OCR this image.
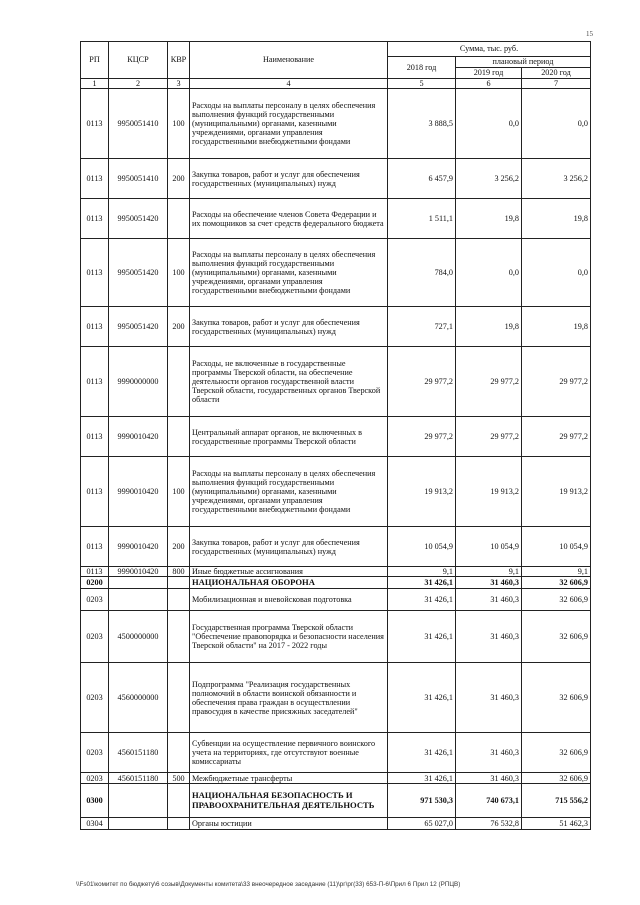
15
РП	КЦСР	КВР	Наименование	Сумма, тыс. руб.		
				2018 год	плановый период	
					2019 год	2020 год
1	2	3	4	5	6	7
0113	9950051410	100	Расходы на выплаты персоналу в целях обеспечения выполнения функций государственными (муниципальными) органами, казенными учреждениями, органами управления государственными внебюджетными фондами	3 888,5	0,0	0,0
0113	9950051410	200	Закупка товаров, работ и услуг для обеспечения государственных (муниципальных) нужд	6 457,9	3 256,2	3 256,2
0113	9950051420		Расходы на обеспечение членов Совета Федерации и их помощников за счет средств федерального бюджета	1 511,1	19,8	19,8
0113	9950051420	100	Расходы на выплаты персоналу в целях обеспечения выполнения функций государственными (муниципальными) органами, казенными учреждениями, органами управления государственными внебюджетными фондами	784,0	0,0	0,0
0113	9950051420	200	Закупка товаров, работ и услуг для обеспечения государственных (муниципальных) нужд	727,1	19,8	19,8
0113	9990000000		Расходы, не включенные в государственные программы Тверской области, на обеспечение деятельности органов государственной власти Тверской области, государственных органов Тверской области	29 977,2	29 977,2	29 977,2
0113	9990010420		Центральный аппарат органов, не включенных в государственные программы Тверской области	29 977,2	29 977,2	29 977,2
0113	9990010420	100	Расходы на выплаты персоналу в целях обеспечения выполнения функций государственными (муниципальными) органами, казенными учреждениями, органами управления государственными внебюджетными фондами	19 913,2	19 913,2	19 913,2
0113	9990010420	200	Закупка товаров, работ и услуг для обеспечения государственных (муниципальных) нужд	10 054,9	10 054,9	10 054,9
0113	9990010420	800	Иные бюджетные ассигнования	9,1	9,1	9,1
0200			НАЦИОНАЛЬНАЯ ОБОРОНА	31 426,1	31 460,3	32 606,9
0203			Мобилизационная и вневойсковая подготовка	31 426,1	31 460,3	32 606,9
0203	4500000000		Государственная программа Тверской области "Обеспечение правопорядка и безопасности населения Тверской области" на 2017 - 2022 годы	31 426,1	31 460,3	32 606,9
0203	4560000000		Подпрограмма "Реализация государственных полномочий в области воинской обязанности и обеспечения права граждан в осуществлении правосудия в качестве присяжных заседателей"	31 426,1	31 460,3	32 606,9
0203	4560151180		Субвенции на осуществление первичного воинского учета на территориях, где отсутствуют военные комиссариаты	31 426,1	31 460,3	32 606,9
0203	4560151180	500	Межбюджетные трансферты	31 426,1	31 460,3	32 606,9
0300			НАЦИОНАЛЬНАЯ БЕЗОПАСНОСТЬ И ПРАВООХРАНИТЕЛЬНАЯ ДЕЯТЕЛЬНОСТЬ	971 530,3	740 673,1	715 556,2
0304			Органы юстиции	65 027,0	76 532,8	51 462,3
\\Fs01\комитет по бюджету\6 созыв\Документы комитета\33 внеочередное заседание (11)\рг\рг(33) 653-П-6\Прил 6 Прил 12 (РПЦВ)
